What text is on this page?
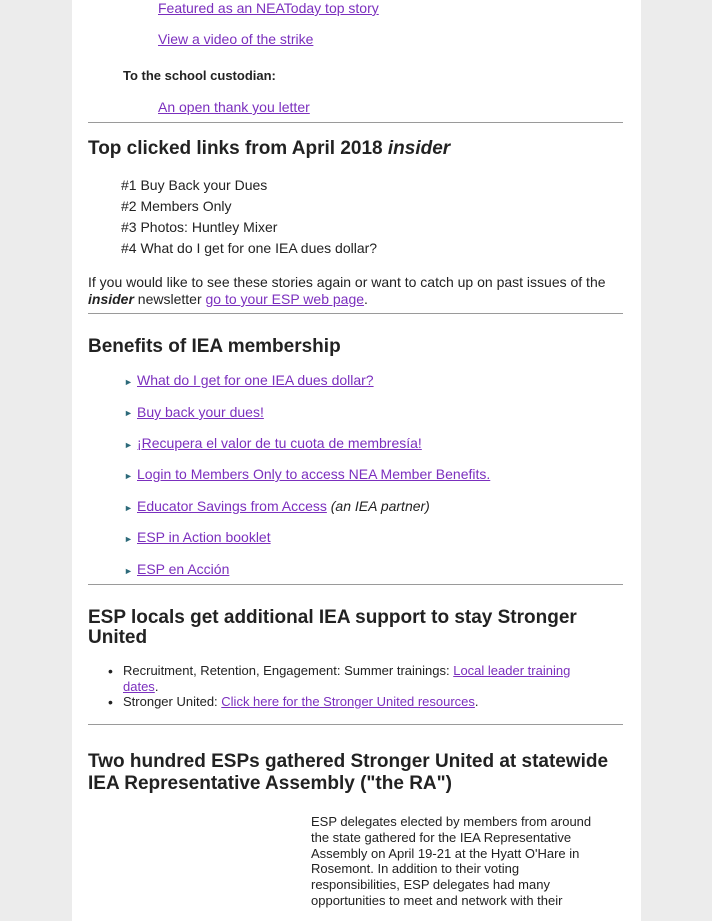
Featured as an NEAToday top story
View a video of the strike
To the school custodian:
An open thank you letter
Top clicked links from April 2018 insider
#1 Buy Back your Dues
#2 Members Only
#3 Photos: Huntley Mixer
#4 What do I get for one IEA dues dollar?
If you would like to see these stories again or want to catch up on past issues of the
insider newsletter go to your ESP web page.
Benefits of IEA membership
► What do I get for one IEA dues dollar?
► Buy back your dues!
► ¡Recupera el valor de tu cuota de membresía!
► Login to Members Only to access NEA Member Benefits.
► Educator Savings from Access (an IEA partner)
► ESP in Action booklet
► ESP en Acción
ESP locals get additional IEA support to stay Stronger
United
• Recruitment, Retention, Engagement: Summer trainings: Local leader training
dates.
• Stronger United: Click here for the Stronger United resources.
Two hundred ESPs gathered Stronger United at statewide
IEA Representative Assembly ("the RA")
ESP delegates elected by members from around
the state gathered for the IEA Representative
Assembly on April 19-21 at the Hyatt O'Hare in
Rosemont. In addition to their voting
responsibilities, ESP delegates had many
opportunities to meet and network with their
